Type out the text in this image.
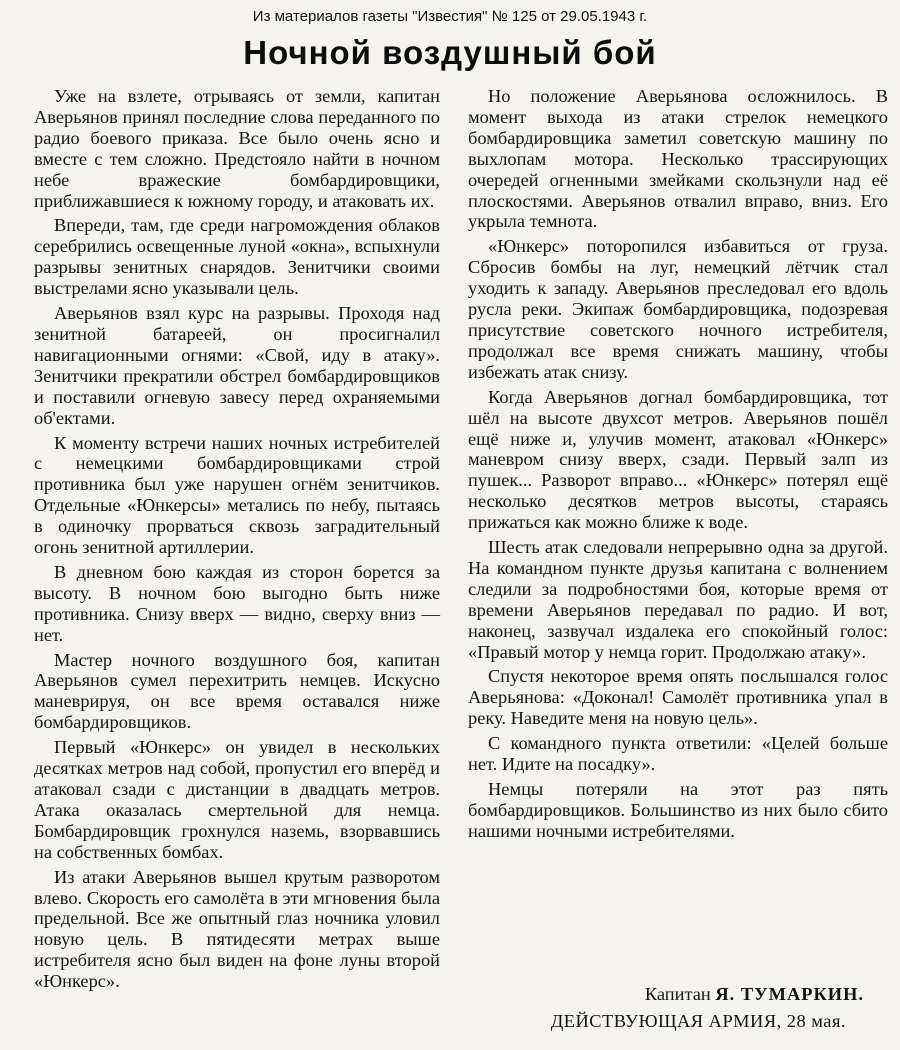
Из материалов газеты "Известия" № 125 от 29.05.1943 г.
Ночной воздушный бой

Уже на взлете, отрываясь от земли, капитан Аверьянов принял последние слова переданного по радио боевого приказа. Все было очень ясно и вместе с тем сложно. Предстояло найти в ночном небе вражеские бомбардировщики, приближавшиеся к южному городу, и атаковать их.

Впереди, там, где среди нагромождения облаков серебрились освещенные луной «окна», вспыхнули разрывы зенитных снарядов. Зенитчики своими выстрелами ясно указывали цель.

Аверьянов взял курс на разрывы. Проходя над зенитной батареей, он просигналил навигационными огнями: «Свой, иду в атаку». Зенитчики прекратили обстрел бомбардировщиков и поставили огневую завесу перед охраняемыми об'ектами.

К моменту встречи наших ночных истребителей с немецкими бомбардировщиками строй противника был уже нарушен огнём зенитчиков. Отдельные «Юнкерсы» метались по небу, пытаясь в одиночку прорваться сквозь заградительный огонь зенитной артиллерии.

В дневном бою каждая из сторон борется за высоту. В ночном бою выгодно быть ниже противника. Снизу вверх — видно, сверху вниз — нет.

Мастер ночного воздушного боя, капитан Аверьянов сумел перехитрить немцев. Искусно маневрируя, он все время оставался ниже бомбардировщиков.

Первый «Юнкерс» он увидел в нескольких десятках метров над собой, пропустил его вперёд и атаковал сзади с дистанции в двадцать метров. Атака оказалась смертельной для немца. Бомбардировщик грохнулся наземь, взорвавшись на собственных бомбах.

Из атаки Аверьянов вышел крутым разворотом влево. Скорость его самолёта в эти мгновения была предельной. Все же опытный глаз ночника уловил новую цель. В пятидесяти метрах выше истребителя ясно был виден на фоне луны второй «Юнкерс».

Но положение Аверьянова осложнилось. В момент выхода из атаки стрелок немецкого бомбардировщика заметил советскую машину по выхлопам мотора. Несколько трассирующих очередей огненными змейками скользнули над её плоскостями. Аверьянов отвалил вправо, вниз. Его укрыла темнота.

«Юнкерс» поторопился избавиться от груза. Сбросив бомбы на луг, немецкий лётчик стал уходить к западу. Аверьянов преследовал его вдоль русла реки. Экипаж бомбардировщика, подозревая присутствие советского ночного истребителя, продолжал все время снижать машину, чтобы избежать атак снизу.

Когда Аверьянов догнал бомбардировщика, тот шёл на высоте двухсот метров. Аверьянов пошёл ещё ниже и, улучив момент, атаковал «Юнкерс» маневром снизу вверх, сзади. Первый залп из пушек... Разворот вправо... «Юнкерс» потерял ещё несколько десятков метров высоты, стараясь прижаться как можно ближе к воде.

Шесть атак следовали непрерывно одна за другой. На командном пункте друзья капитана с волнением следили за подробностями боя, которые время от времени Аверьянов передавал по радио. И вот, наконец, зазвучал издалека его спокойный голос: «Правый мотор у немца горит. Продолжаю атаку».

Спустя некоторое время опять послышался голос Аверьянова: «Доконал! Самолёт противника упал в реку. Наведите меня на новую цель».

С командного пункта ответили: «Целей больше нет. Идите на посадку».

Немцы потеряли на этот раз пять бомбардировщиков. Большинство из них было сбито нашими ночными истребителями.

Капитан Я. ТУМАРКИН.
ДЕЙСТВУЮЩАЯ АРМИЯ, 28 мая.
